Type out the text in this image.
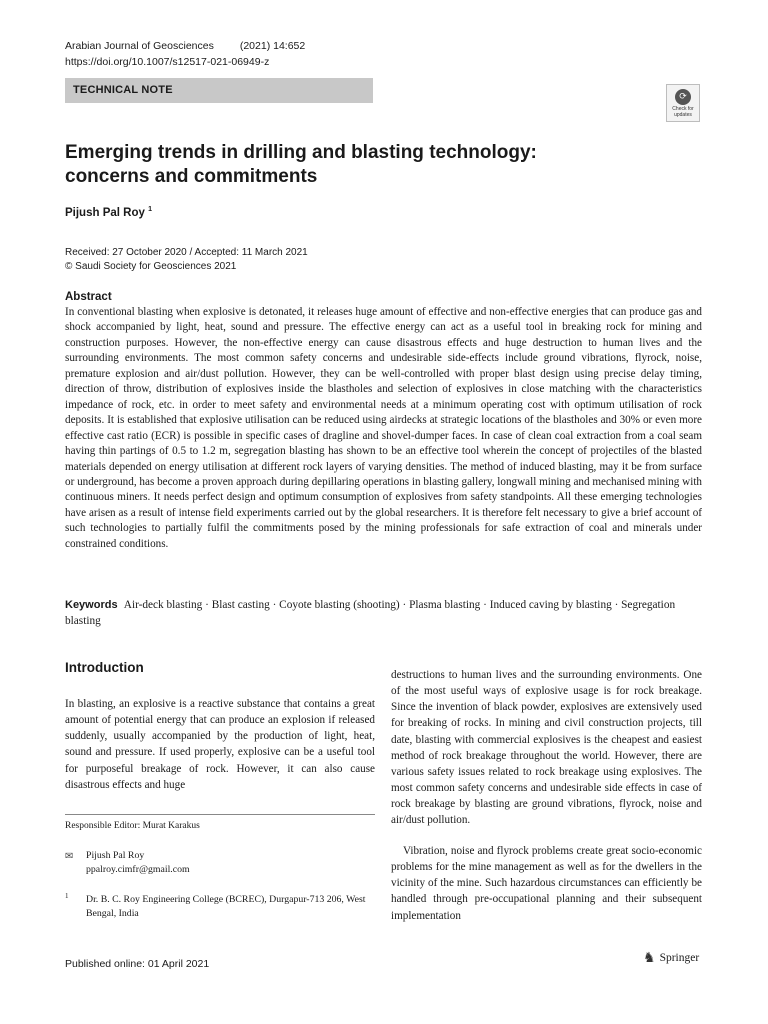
Arabian Journal of Geosciences (2021) 14:652
https://doi.org/10.1007/s12517-021-06949-z
TECHNICAL NOTE
⟳
Check for updates
Emerging trends in drilling and blasting technology: concerns and commitments
Pijush Pal Roy $^1$
Received: 27 October 2020 / Accepted: 11 March 2021
© Saudi Society for Geosciences 2021
Abstract

In conventional blasting when explosive is detonated, it releases huge amount of effective and non-effective energies that can produce gas and shock accompanied by light, heat, sound and pressure. The effective energy can act as a useful tool in breaking rock for mining and construction purposes. However, the non-effective energy can cause disastrous effects and huge destruction to human lives and the surrounding environments. The most common safety concerns and undesirable side-effects include ground vibrations, flyrock, noise, premature explosion and air/dust pollution. However, they can be well-controlled with proper blast design using precise delay timing, direction of throw, distribution of explosives inside the blastholes and selection of explosives in close matching with the characteristics impedance of rock, etc. in order to meet safety and environmental needs at a minimum operating cost with optimum utilisation of rock deposits. It is established that explosive utilisation can be reduced using airdecks at strategic locations of the blastholes and 30% or even more effective cast ratio (ECR) is possible in specific cases of dragline and shovel-dumper faces. In case of clean coal extraction from a coal seam having thin partings of 0.5 to 1.2 m, segregation blasting has shown to be an effective tool wherein the concept of projectiles of the blasted materials depended on energy utilisation at different rock layers of varying densities. The method of induced blasting, may it be from surface or underground, has become a proven approach during depillaring operations in blasting gallery, longwall mining and mechanised mining with continuous miners. It needs perfect design and optimum consumption of explosives from safety standpoints. All these emerging technologies have arisen as a result of intense field experiments carried out by the global researchers. It is therefore felt necessary to give a brief account of such technologies to partially fulfil the commitments posed by the mining professionals for safe extraction of coal and minerals under constrained conditions.

Keywords Air-deck blasting · Blast casting · Coyote blasting (shooting) · Plasma blasting · Induced caving by blasting · Segregation blasting
Introduction

In blasting, an explosive is a reactive substance that contains a great amount of potential energy that can produce an explosion if released suddenly, usually accompanied by the production of light, heat, sound and pressure. If used properly, explosive can be a useful tool for purposeful breakage of rock. However, it can also cause disastrous effects and huge

destructions to human lives and the surrounding environments. One of the most useful ways of explosive usage is for rock breakage. Since the invention of black powder, explosives are extensively used for breaking of rocks. In mining and civil construction projects, till date, blasting with commercial explosives is the cheapest and easiest method of rock breakage throughout the world. However, there are various safety issues related to rock breakage using explosives. The most common safety concerns and undesirable side effects in case of rock breakage by blasting are ground vibrations, flyrock, noise and air/dust pollution.

Vibration, noise and flyrock problems create great socio-economic problems for the mine management as well as for the dwellers in the vicinity of the mine. Such hazardous circumstances can efficiently be handled through pre-occupational planning and their subsequent implementation

Responsible Editor: Murat Karakus
✉ Pijush Pal Roy
ppalroy.cimfr@gmail.com
1 Dr. B. C. Roy Engineering College (BCREC), Durgapur-713 206, West Bengal, India

Published online: 01 April 2021	♞ Springer
